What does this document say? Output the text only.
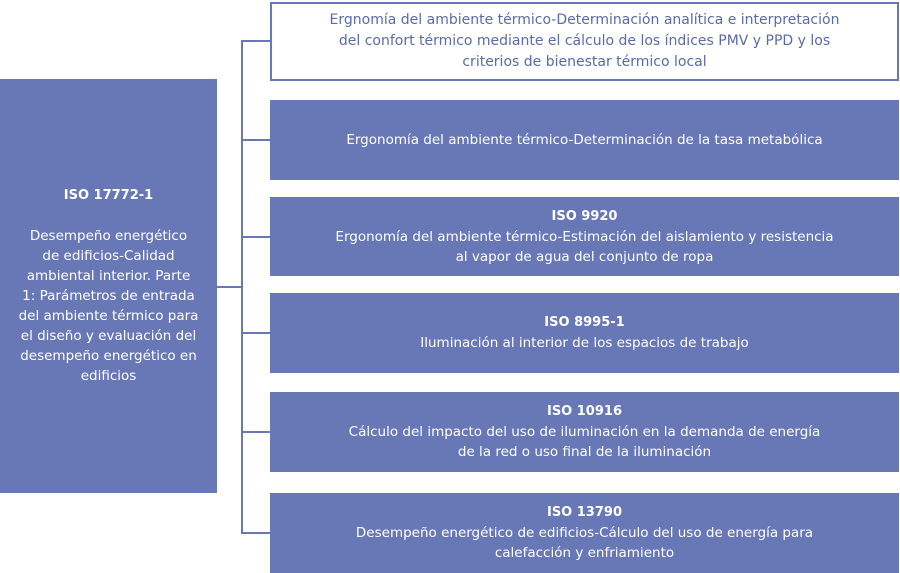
ISO 17772-1
Desempeño energético
de edificios-Calidad
ambiental interior. Parte
1: Parámetros de entrada
del ambiente térmico para
el diseño y evaluación del
desempeño energético en
edificios
Ergnomía del ambiente térmico-Determinación analítica e interpretación
del confort térmico mediante el cálculo de los índices PMV y PPD y los
criterios de bienestar térmico local
Ergonomía del ambiente térmico-Determinación de la tasa metabólica
ISO 9920
Ergonomía del ambiente térmico-Estimación del aislamiento y resistencia
al vapor de agua del conjunto de ropa
ISO 8995-1
Iluminación al interior de los espacios de trabajo
ISO 10916
Cálculo del impacto del uso de iluminación en la demanda de energía
de la red o uso final de la iluminación
ISO 13790
Desempeño energético de edificios-Cálculo del uso de energía para
calefacción y enfriamiento
